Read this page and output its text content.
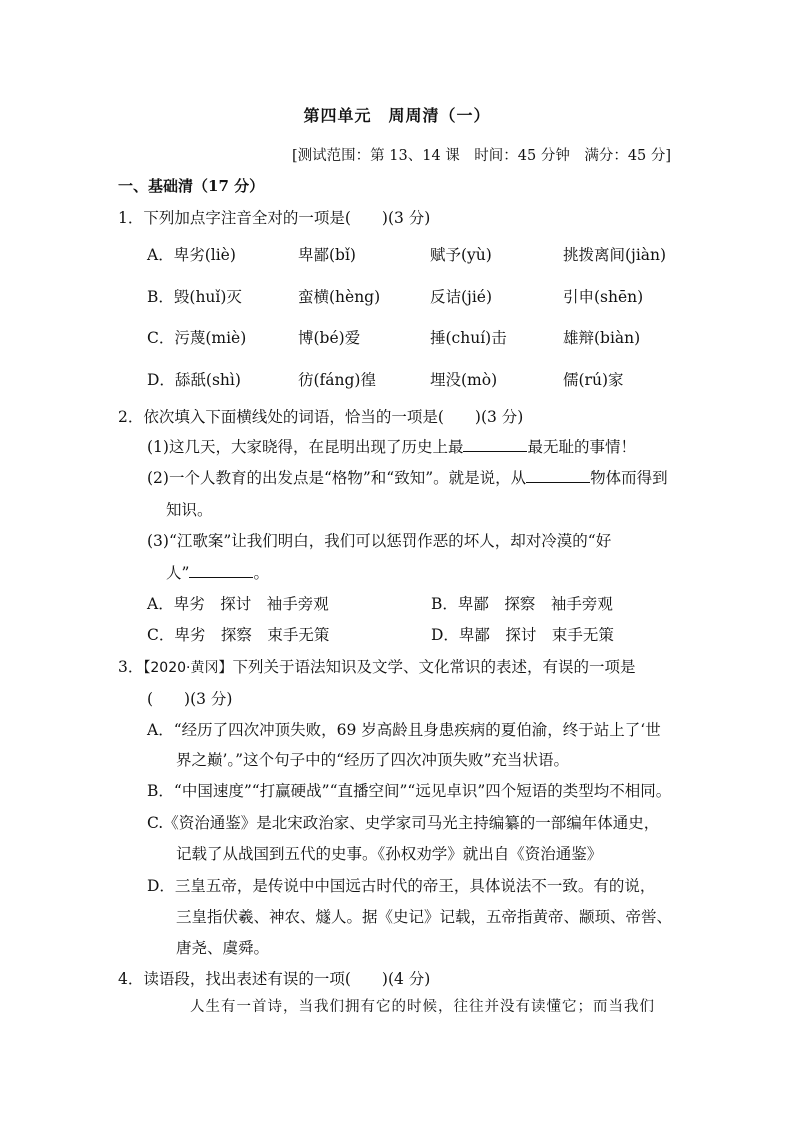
第四单元　周周清（一）
[测试范围：第 13、14 课　时间：45 分钟　满分：45 分]
一、基础清（17 分）
1．下列加点字注音全对的一项是(　　)(3 分)
A．卑劣(liè)	卑鄙(bǐ)	赋予(yù)	挑拨离间(jiàn)
B．毁(huǐ)灭	蛮横(hèng)	反诘(jié)	引申(shēn)
C．污蔑(miè)	博(bé)爱	捶(chuí)击	雄辩(biàn)
D．舔舐(shì)	彷(fáng)徨	埋没(mò)	儒(rú)家
2．依次填入下面横线处的词语，恰当的一项是(　　)(3 分)
(1)这几天，大家晓得，在昆明出现了历史上最	最无耻的事情！
(2)一个人教育的出发点是“格物”和“致知”。就是说，从	物体而得到
知识。
(3)“江歌案”让我们明白，我们可以惩罚作恶的坏人，却对冷漠的“好
人”	。
A．卑劣　探讨　袖手旁观	B．卑鄙　探察　袖手旁观
C．卑劣　探察　束手无策	D．卑鄙　探讨　束手无策
3．【2020·黄冈】下列关于语法知识及文学、文化常识的表述，有误的一项是
(　　)(3 分)
A．“经历了四次冲顶失败，69 岁高龄且身患疾病的夏伯渝，终于站上了‘世
界之巅’。”这个句子中的“经历了四次冲顶失败”充当状语。
B．“中国速度”“打赢硬战”“直播空间”“远见卓识”四个短语的类型均不相同。
C.《资治通鉴》是北宋政治家、史学家司马光主持编纂的一部编年体通史，
记载了从战国到五代的史事。《孙权劝学》就出自《资治通鉴》
D．三皇五帝，是传说中中国远古时代的帝王，具体说法不一致。有的说，
三皇指伏羲、神农、燧人。据《史记》记载，五帝指黄帝、颛顼、帝喾、
唐尧、虞舜。
4．读语段，找出表述有误的一项(　　)(4 分)
人生有一首诗，当我们拥有它的时候，往往并没有读懂它；而当我们
